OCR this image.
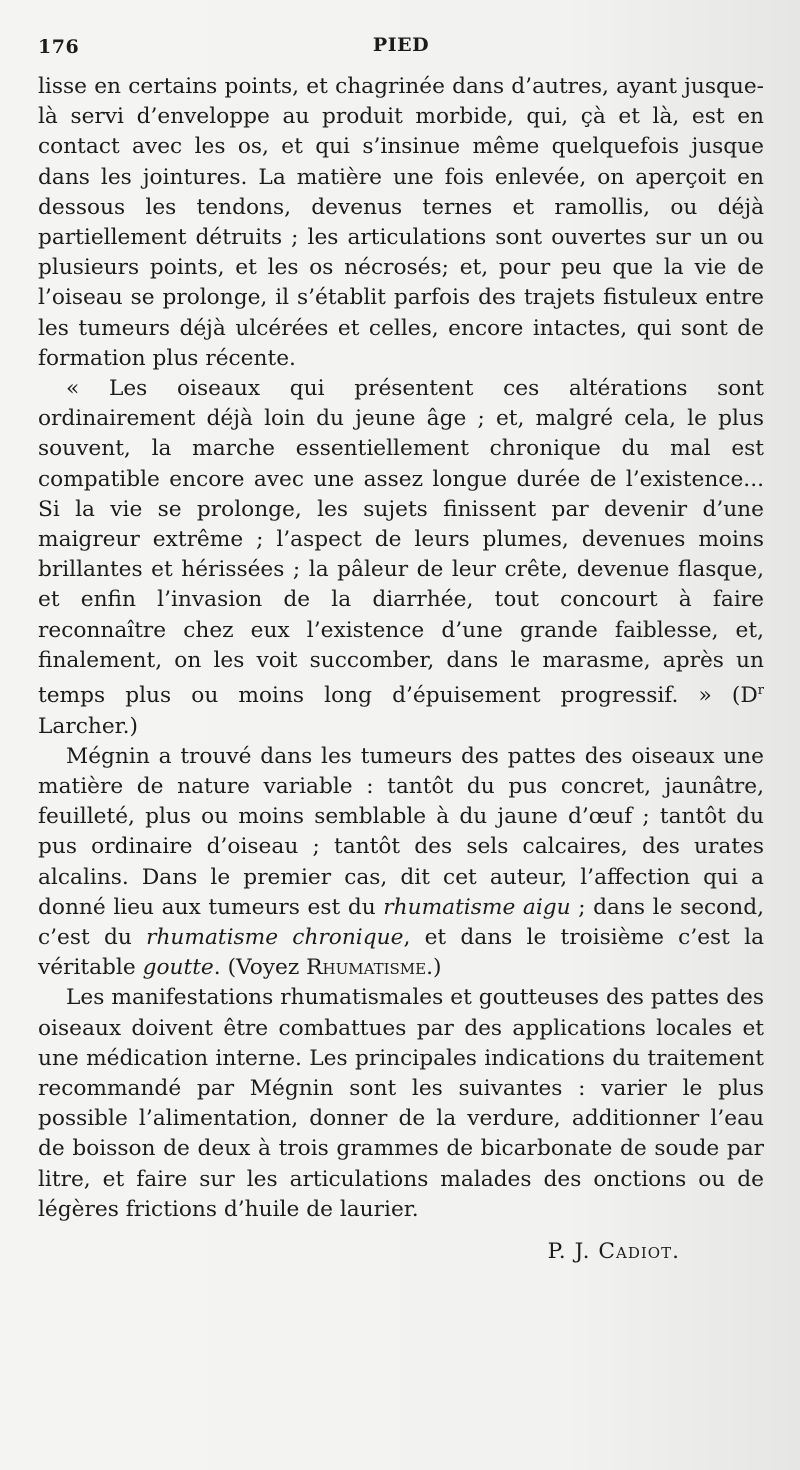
176	PIED

lisse en certains points, et chagrinée dans d’autres, ayant jusque-là servi d’enveloppe au produit morbide, qui, çà et là, est en contact avec les os, et qui s’insinue même quelquefois jusque dans les jointures. La matière une fois enlevée, on aperçoit en dessous les tendons, devenus ternes et ramollis, ou déjà partiellement détruits ; les articulations sont ouvertes sur un ou plusieurs points, et les os nécrosés; et, pour peu que la vie de l’oiseau se prolonge, il s’établit parfois des trajets fistuleux entre les tumeurs déjà ulcérées et celles, encore intactes, qui sont de formation plus récente.

« Les oiseaux qui présentent ces altérations sont ordinairement déjà loin du jeune âge ; et, malgré cela, le plus souvent, la marche essentiellement chronique du mal est compatible encore avec une assez longue durée de l’existence... Si la vie se prolonge, les sujets finissent par devenir d’une maigreur extrême ; l’aspect de leurs plumes, devenues moins brillantes et hérissées ; la pâleur de leur crête, devenue flasque, et enfin l’invasion de la diarrhée, tout concourt à faire reconnaître chez eux l’existence d’une grande faiblesse, et, finalement, on les voit succomber, dans le marasme, après un temps plus ou moins long d’épuisement progressif. » ($D^r$ Larcher.)

Mégnin a trouvé dans les tumeurs des pattes des oiseaux une matière de nature variable : tantôt du pus concret, jaunâtre, feuilleté, plus ou moins semblable à du jaune d’œuf ; tantôt du pus ordinaire d’oiseau ; tantôt des sels calcaires, des urates alcalins. Dans le premier cas, dit cet auteur, l’affection qui a donné lieu aux tumeurs est du rhumatisme aigu ; dans le second, c’est du rhumatisme chronique, et dans le troisième c’est la véritable goutte. (Voyez Rhumatisme.)

Les manifestations rhumatismales et goutteuses des pattes des oiseaux doivent être combattues par des applications locales et une médication interne. Les principales indications du traitement recommandé par Mégnin sont les suivantes : varier le plus possible l’alimentation, donner de la verdure, additionner l’eau de boisson de deux à trois grammes de bicarbonate de soude par litre, et faire sur les articulations malades des onctions ou de légères frictions d’huile de laurier.

P. J. Cadiot.
